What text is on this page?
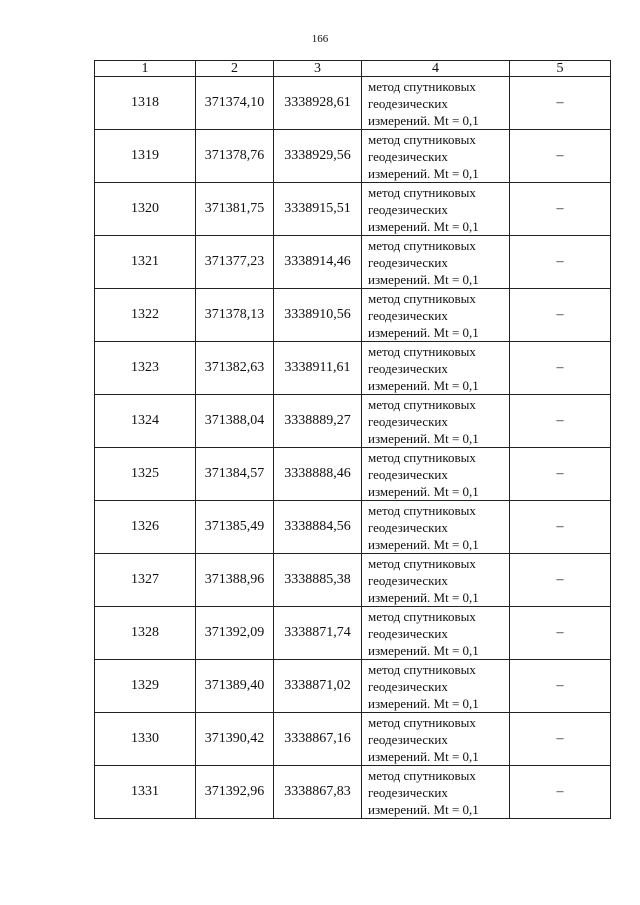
166
1	2	3	4	5
1318	371374,10	3338928,61	метод спутниковых
геодезических
измерений. Mt = 0,1	–
1319	371378,76	3338929,56	метод спутниковых
геодезических
измерений. Mt = 0,1	–
1320	371381,75	3338915,51	метод спутниковых
геодезических
измерений. Mt = 0,1	–
1321	371377,23	3338914,46	метод спутниковых
геодезических
измерений. Mt = 0,1	–
1322	371378,13	3338910,56	метод спутниковых
геодезических
измерений. Mt = 0,1	–
1323	371382,63	3338911,61	метод спутниковых
геодезических
измерений. Mt = 0,1	–
1324	371388,04	3338889,27	метод спутниковых
геодезических
измерений. Mt = 0,1	–
1325	371384,57	3338888,46	метод спутниковых
геодезических
измерений. Mt = 0,1	–
1326	371385,49	3338884,56	метод спутниковых
геодезических
измерений. Mt = 0,1	–
1327	371388,96	3338885,38	метод спутниковых
геодезических
измерений. Mt = 0,1	–
1328	371392,09	3338871,74	метод спутниковых
геодезических
измерений. Mt = 0,1	–
1329	371389,40	3338871,02	метод спутниковых
геодезических
измерений. Mt = 0,1	–
1330	371390,42	3338867,16	метод спутниковых
геодезических
измерений. Mt = 0,1	–
1331	371392,96	3338867,83	метод спутниковых
геодезических
измерений. Mt = 0,1	–
